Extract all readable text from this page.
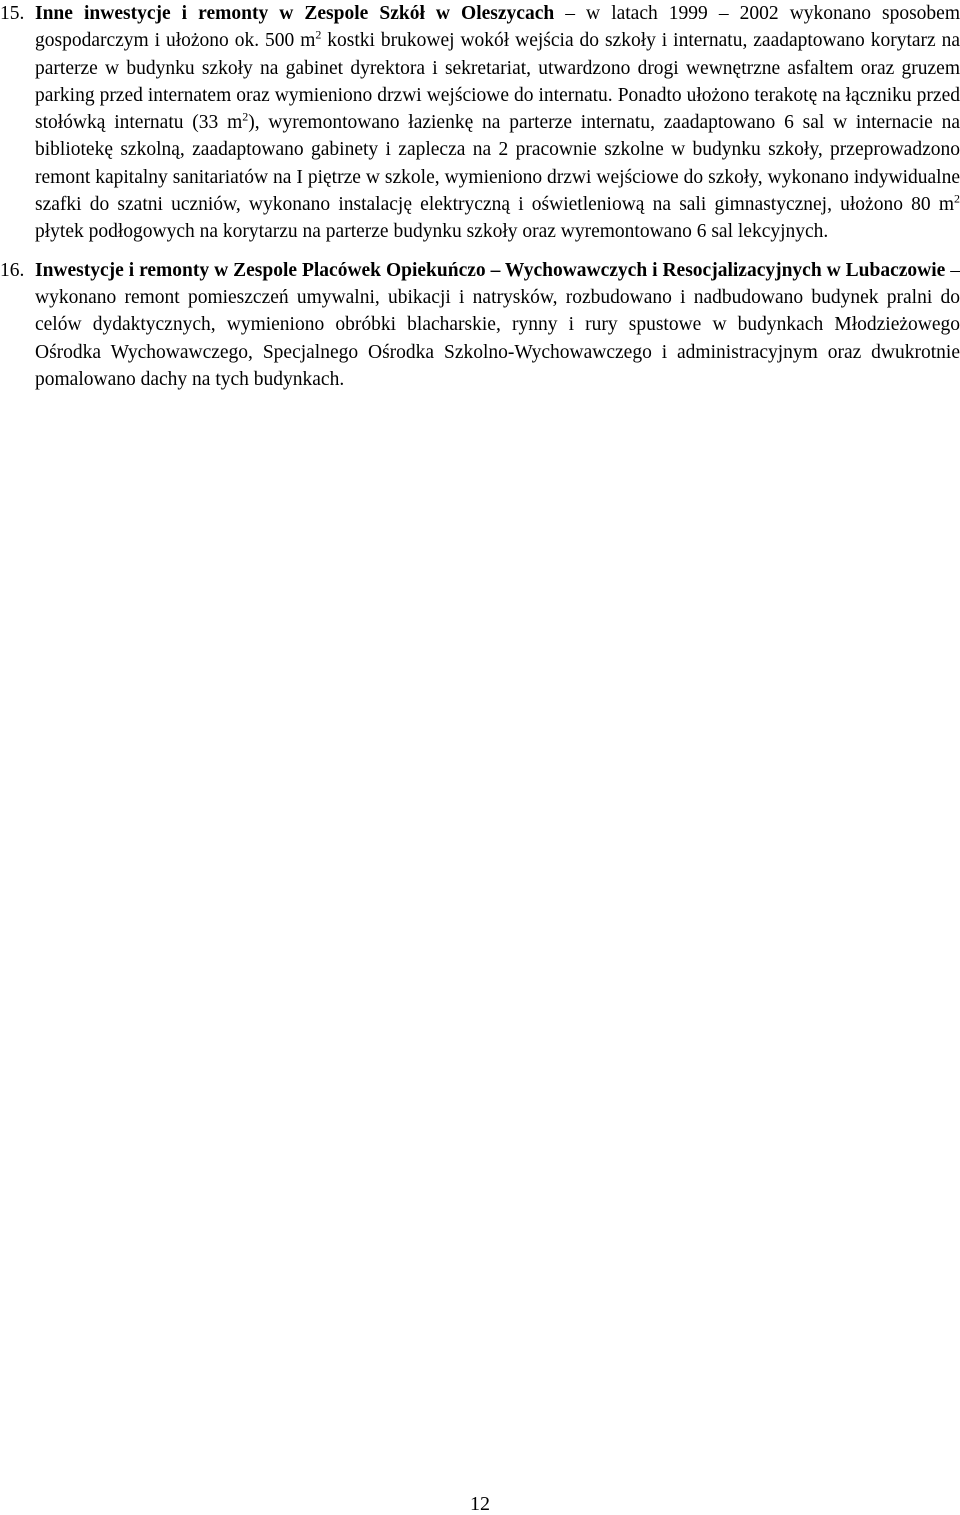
15. Inne inwestycje i remonty w Zespole Szkół w Oleszycach – w latach 1999 – 2002 wykonano sposobem gospodarczym i ułożono ok. 500 $m^2$ kostki brukowej wokół wejścia do szkoły i internatu, zaadaptowano korytarz na parterze w budynku szkoły na gabinet dyrektora i sekretariat, utwardzono drogi wewnętrzne asfaltem oraz gruzem parking przed internatem oraz wymieniono drzwi wejściowe do internatu. Ponadto ułożono terakotę na łączniku przed stołówką internatu (33 $m^2$), wyremontowano łazienkę na parterze internatu, zaadaptowano 6 sal w internacie na bibliotekę szkolną, zaadaptowano gabinety i zaplecza na 2 pracownie szkolne w budynku szkoły, przeprowadzono remont kapitalny sanitariatów na I piętrze w szkole, wymieniono drzwi wejściowe do szkoły, wykonano indywidualne szafki do szatni uczniów, wykonano instalację elektryczną i oświetleniową na sali gimnastycznej, ułożono 80 $m^2$ płytek podłogowych na korytarzu na parterze budynku szkoły oraz wyremontowano 6 sal lekcyjnych.
16. Inwestycje i remonty w Zespole Placówek Opiekuńczo – Wychowawczych i Resocjalizacyjnych w Lubaczowie – wykonano remont pomieszczeń umywalni, ubikacji i natrysków, rozbudowano i nadbudowano budynek pralni do celów dydaktycznych, wymieniono obróbki blacharskie, rynny i rury spustowe w budynkach Młodzieżowego Ośrodka Wychowawczego, Specjalnego Ośrodka Szkolno-Wychowawczego i administracyjnym oraz dwukrotnie pomalowano dachy na tych budynkach.
12
